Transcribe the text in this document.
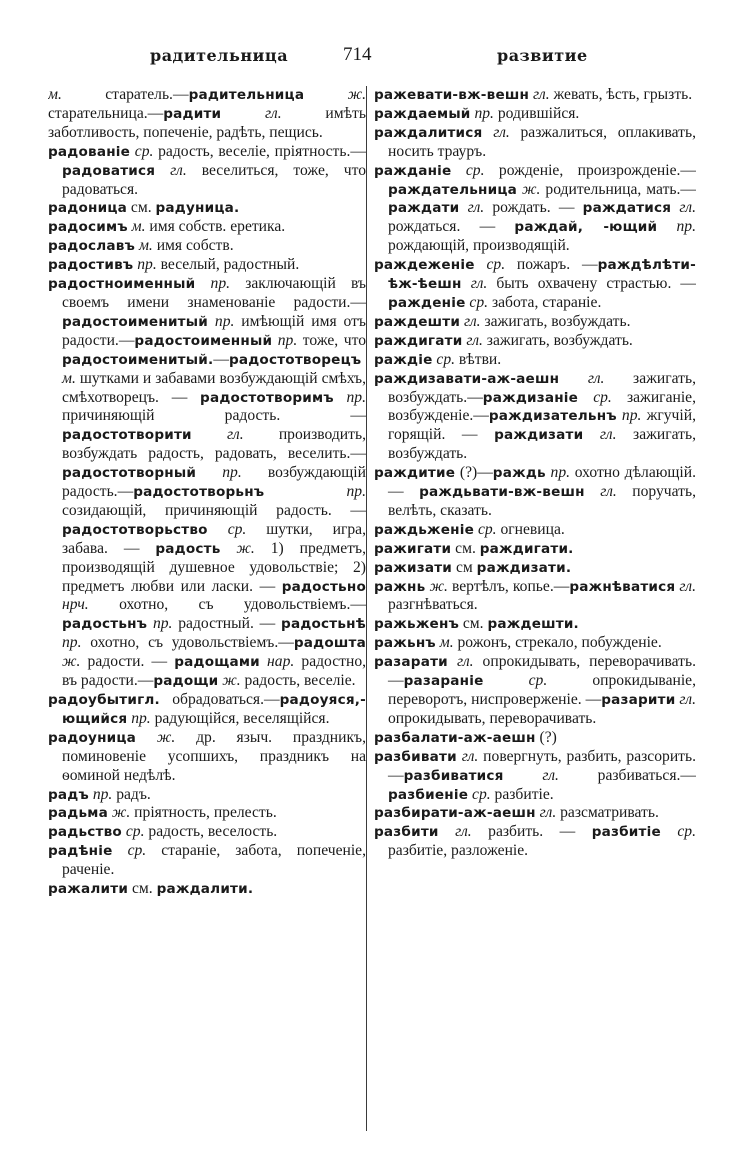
радительница	714	развитие

м. старатель.—радительница	ж. старательница.—радити	гл. имѣть заботливость, попеченіе, радѣть, пещись.

радованіе ср. радость, веселіе, пріятность.—радоватися гл. веселиться, тоже, что радоваться.

радоница см. радуница.

радосимъ м. имя собств. еретика.

радославъ м. имя собств.

радостивъ пр. веселый, радостный.

радостноименный пр. заключающій въ своемъ имени знаменованіе радости.—радостоименитый пр. имѣющій имя отъ радости.—радостоименный пр. тоже, что радостоименитый.—радостотворецъ м. шутками и забавами возбуждающій смѣхъ, смѣхотворецъ. — радостотворимъ пр. причиняющій радость. — радостотворити гл. производить, возбуждать радость, радовать, веселить.—радостотворный пр. возбуждающій радость.—радостотворьнъ	пр. созидающій, причиняющій радость. — радостотворьство ср. шутки, игра, забава. — радость ж. 1) предметъ, производящій душевное удовольствіе; 2) предметъ любви или ласки. — радостьно нрч. охотно, съ удовольствіемъ.—радостьнъ пр. радостный. — радостьнѣ пр. охотно, съ удовольствіемъ.—радошта ж. радости. — радощами нар. радостно, въ радости.—радощи ж. радость, веселіе.

радоубытигл. обрадоваться.—радоуяся,-ющийся пр. радующійся, веселящійся.

радоуница ж. др. языч. праздникъ, поминовеніе усопшихъ, праздникъ на ѳоминой недѣлѣ.

радъ пр. радъ.

радьма ж. пріятность, прелесть.

радьство ср. радость, веселость.

радѣніе ср. стараніе, забота, попеченіе, раченіе.

ражалити см. раждалити.

ражевати-вж-вешн гл. жевать, ѣсть, грызть.

раждаемый пр. родившійся.

раждалитися гл. разжалиться, оплакивать, носить трауръ.

ражданіе ср. рожденіе, произрожденіе.—раждательница ж. родительница, мать.—раждати гл. рождать. — раждатися гл. рождаться. — раждай, -ющий пр. рождающій, производящій.

раждеженіе ср. пожаръ. —раждѣлѣти-ѣж-ѣешн гл. быть охвачену страстью. — ражденіе ср. забота, стараніе.

раждешти гл. зажигать, возбуждать.

раждигати гл. зажигать, возбуждать.

раждіе ср. вѣтви.

раждизавати-аж-аешн гл. зажигать, возбуждать.—раждизаніе ср. зажиганіе, возбужденіе.—раждизательнъ пр. жгучій, горящій. — раждизати гл. зажигать, возбуждать.

раждитие (?)—раждь пр. охотно дѣлающій. — раждьвати-вж-вешн гл. поручать, велѣть, сказать.

раждьженіе ср. огневица.

ражигати см. раждигати.

ражизати см раждизати.

ражнь ж. вертѣлъ, копье.—ражнѣватися гл. разгнѣваться.

ражьженъ см. раждешти.

ражьнъ м. рожонъ, стрекало, побужденіе.

разарати гл. опрокидывать, переворачивать.—разараніе	ср. опрокидываніе, переворотъ, ниспроверженіе. —разарити гл. опрокидывать, переворачивать.

разбалати-аж-аешн (?)

разбивати гл. повергнуть, разбить, разсорить.—разбиватися гл. разбиваться.—разбиеніе ср. разбитіе.

разбирати-аж-аешн гл. разсматривать.

разбити гл. разбить. — разбитіе ср. разбитіе, разложеніе.
